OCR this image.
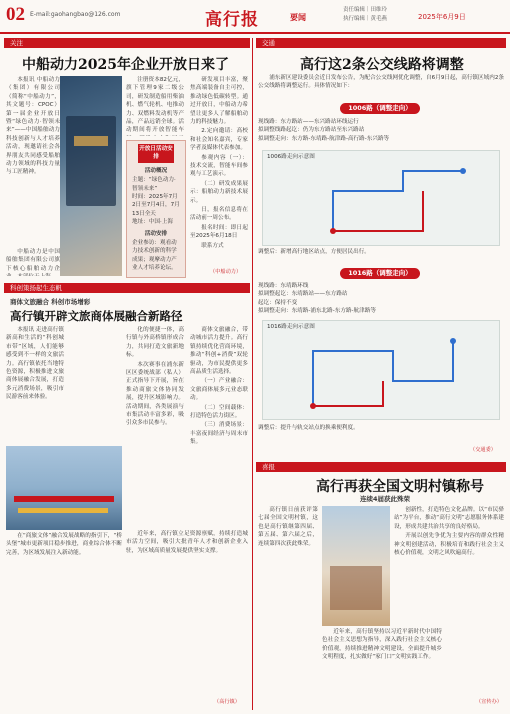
02 E-mail:gaohangbao@126.com	高行报	要闻
责任编辑｜田维玲
执行编辑｜黄毛燕	2025年6月9日
关注
中船动力2025年企业开放日来了

本报讯 中船动力（集团）有限公司（简称“中船动力”，其文题号：CPOC）第一届企业开放日暨“绿色动力·智领未来”——中国船舶动力科技创新与人才培养活动，现邀请社会各界朋友共同感受船舶动力领域的科技力量与工匠精神。

中船动力是中国船舶集团有限公司旗下核心船舶动力企

注册资本82亿元，旗下管理9家二级公司，研发制造船用柴油机、燃气轮机、电推动力、双燃料发动机等产品，产品远销全球。活动期间将开放智能车

开放日活动安排
活动概况
主题：“绿色动力·智领未来”
时间：2025年7月2日至7月4日，7月13日全天
地址：中国·上海
活动安排
企业参访：观看动力技术创新的科学成果；观摩动力产业人才培养论坛。

研发项目丰富，聚焦高端装备自主可控，推动绿色低碳转型。通过开放日，中船动力希望让更多人了解船舶动力的科技魅力。

2.定向邀请：高校和社会知名嘉宾，专家学者及媒体代表参加。

参观内容（一）：技术交流，智能车间参观与工艺演示。

（二）研发成果展示：船舶动力新技术展示。

日，报名信息将在活动前一周公布。

报名时间：即日起至2025年6月18日

联系方式

（中船动力）
科创策扬起生态帆
商体文旅融合 科创市场增彩
高行镇开辟文旅商体展融合新路径

本报讯 走进高行镇新高和生活的“科创城市带”区域，人们能够感受到不一样的文旅活力。高行镇依托当地特色资源，积极推进文旅商体展融合发展，打造多元消费场景，吸引市民游客前来体验。

在“商旅文体”融合发展战略的指引下，“桥头堡”城市更新项目稳步推进，商业综合体不断完善，为区域发展注入新动能。

化的便捷一体，高行镇与外高桥镇形成合力，共同打造文旅新地标。

本次赛事在浦东新区区委统战部（私人）正式指导下开展，旨在推动商旅文体协同发展，提升区域影响力。活动期间，各类展演与市集活动丰富多彩，吸引众多市民参与。

商体文旅融合，带动城市活力提升。高行镇持续优化营商环境，推动“科创+消费”双轮驱动，为市民提供更多高品质生活选择。

（一）产业融合：文旅商体展多元业态联动。

（二）空间载体：打造特色活力街区。

（三）消费场景：丰富夜间经济与周末市集。

近年来，高行镇立足资源禀赋，持续打造城市活力空间，吸引大批青年人才和创新企业入驻，为区域高质量发展提供坚实支撑。

（高行镇）
交通
高行这2条公交线路将调整

浦东新区建设委员会近日发布公告，为配合公交线网优化调整，自6月9日起，高行镇区域内2条公交线路将调整运行。具体情况如下：

1006路（调整走向）
现线路：东方路站——东兴路站环线运行
拟调整线路起讫：仍为东方路站至东兴路站
拟调整走向：东方路-东靖路-航津路-高行路-东兴路等
1006路走向示意图
调整后：新增高行地区站点，方便居民出行。
1016路（调整走向）
现线路：东靖路环线
拟调整起讫：东靖路站——东方路站
起讫：保持不变
拟调整走向：东靖路-浦东北路-东方路-航津路等
1016路走向示意图
调整后：提升与轨交站点的换乘便利度。
（交通委）
喜报
高行再获全国文明村镇称号
连续4届获此殊荣

高行镇日前获评第七届全国文明村镇，这也是高行镇继第四届、第五届、第六届之后，连续第四次获此殊荣。

近年来，高行镇坚持以习近平新时代中国特色社会主义思想为指导，深入践行社会主义核心价值观，持续推进精神文明建设，全面提升城乡文明程度，扎实做好“家门口”文明实践工作。

创新性，打造特色文化品牌。以“市民驿站”为平台，推动“高行文明”志愿服务体系建设，形成共建共治共享的良好格局。

开展以创先争优为主要内容的群众性精神文明创建活动，积极培育和践行社会主义核心价值观，文明之风吹遍高行。

（宣传办）
